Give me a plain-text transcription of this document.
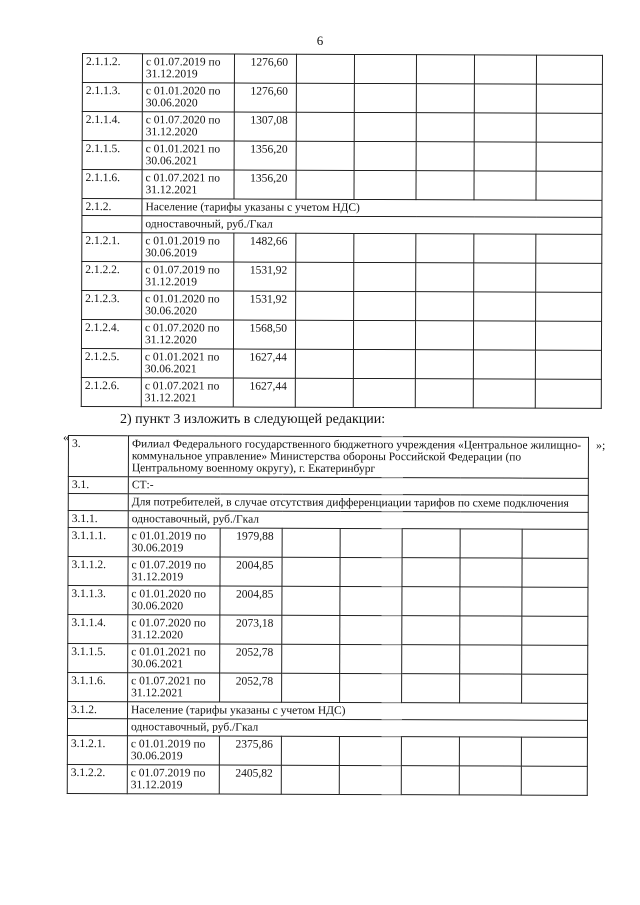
6
2.1.1.2.	с 01.07.2019 по 31.12.2019	1276,60					
2.1.1.3.	с 01.01.2020 по 30.06.2020	1276,60					
2.1.1.4.	с 01.07.2020 по 31.12.2020	1307,08					
2.1.1.5.	с 01.01.2021 по 30.06.2021	1356,20					
2.1.1.6.	с 01.07.2021 по 31.12.2021	1356,20					
2.1.2.	Население (тарифы указаны с учетом НДС)						
	одноставочный, руб./Гкал						
2.1.2.1.	с 01.01.2019 по 30.06.2019	1482,66					
2.1.2.2.	с 01.07.2019 по 31.12.2019	1531,92					
2.1.2.3.	с 01.01.2020 по 30.06.2020	1531,92					
2.1.2.4.	с 01.07.2020 по 31.12.2020	1568,50					
2.1.2.5.	с 01.01.2021 по 30.06.2021	1627,44					
2.1.2.6.	с 01.07.2021 по 31.12.2021	1627,44					
«
2) пункт 3 изложить в следующей редакции:
»;
3.	Филиал Федерального государственного бюджетного учреждения «Центральное жилищно-коммунальное управление» Министерства обороны Российской Федерации (по Центральному военному округу), г. Екатеринбург						
3.1.	СТ:-						
	Для потребителей, в случае отсутствия дифференциации тарифов по схеме подключения						
3.1.1.	одноставочный, руб./Гкал						
3.1.1.1.	с 01.01.2019 по 30.06.2019	1979,88					
3.1.1.2.	с 01.07.2019 по 31.12.2019	2004,85					
3.1.1.3.	с 01.01.2020 по 30.06.2020	2004,85					
3.1.1.4.	с 01.07.2020 по 31.12.2020	2073,18					
3.1.1.5.	с 01.01.2021 по 30.06.2021	2052,78					
3.1.1.6.	с 01.07.2021 по 31.12.2021	2052,78					
3.1.2.	Население (тарифы указаны с учетом НДС)						
	одноставочный, руб./Гкал						
3.1.2.1.	с 01.01.2019 по 30.06.2019	2375,86					
3.1.2.2.	с 01.07.2019 по 31.12.2019	2405,82					
